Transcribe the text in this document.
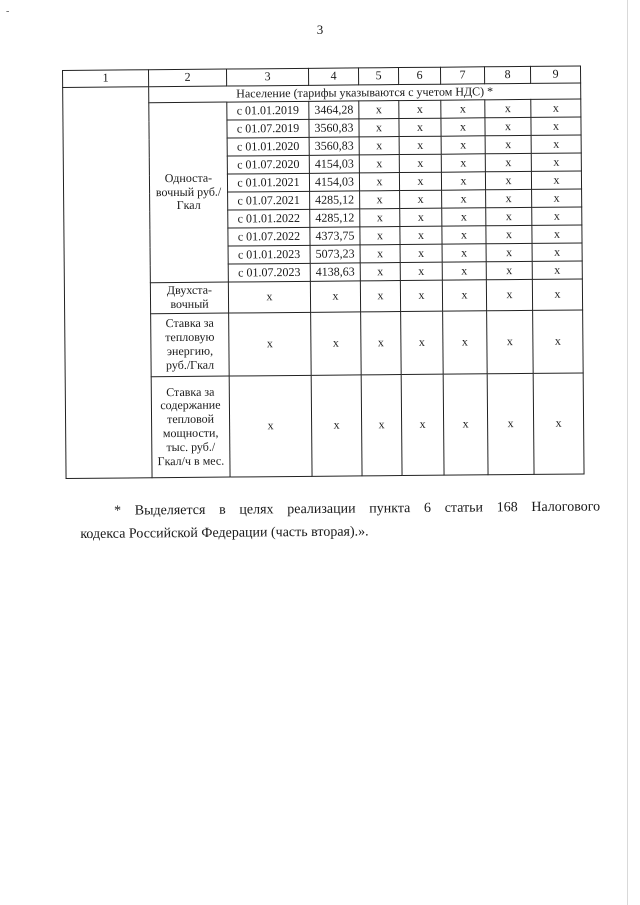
-
3
1	2	3	4	5	6	7	8	9
	Население (тарифы указываются с учетом НДС) *							
	Односта-вочный руб./Гкал	с 01.01.2019	3464,28	х	х	х	х	х
		с 01.07.2019	3560,83	х	х	х	х	х
		с 01.01.2020	3560,83	х	х	х	х	х
		с 01.07.2020	4154,03	х	х	х	х	х
		с 01.01.2021	4154,03	х	х	х	х	х
		с 01.07.2021	4285,12	х	х	х	х	х
		с 01.01.2022	4285,12	х	х	х	х	х
		с 01.07.2022	4373,75	х	х	х	х	х
		с 01.01.2023	5073,23	х	х	х	х	х
		с 01.07.2023	4138,63	х	х	х	х	х
	Двухста-вочный	х	х	х	х	х	х	х
	Ставка за тепловую энергию, руб./Гкал	х	х	х	х	х	х	х
	Ставка за содержание тепловой мощности, тыс. руб./Гкал/ч в мес.	х	х	х	х	х	х	х
* Выделяется в целях реализации пункта 6 статьи 168 Налогового
кодекса Российской Федерации (часть вторая).».
